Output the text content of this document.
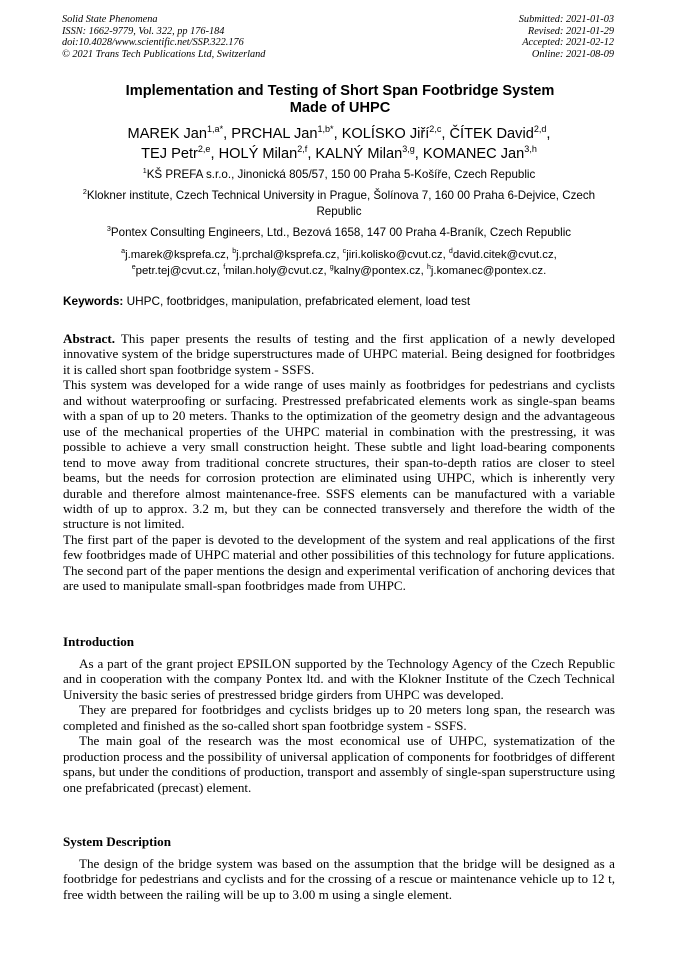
Solid State Phenomena
ISSN: 1662-9779, Vol. 322, pp 176-184
doi:10.4028/www.scientific.net/SSP.322.176
© 2021 Trans Tech Publications Ltd, Switzerland
Submitted: 2021-01-03
Revised: 2021-01-29
Accepted: 2021-02-12
Online: 2021-08-09
Implementation and Testing of Short Span Footbridge System
Made of UHPC
MAREK Jan$^{1,a*}$, PRCHAL Jan$^{1,b*}$, KOLÍSKO Jiří$^{2,c}$, ČÍTEK David$^{2,d}$,
TEJ Petr$^{2,e}$, HOLÝ Milan$^{2,f}$, KALNÝ Milan$^{3,g}$, KOMANEC Jan$^{3,h}$
$^1$KŠ PREFA s.r.o., Jinonická 805/57, 150 00 Praha 5-Košíře, Czech Republic
$^2$Klokner institute, Czech Technical University in Prague, Šolínova 7, 160 00 Praha 6-Dejvice, Czech Republic
$^3$Pontex Consulting Engineers, Ltd., Bezová 1658, 147 00 Praha 4-Braník, Czech Republic
$^a$j.marek@ksprefa.cz, $^b$j.prchal@ksprefa.cz, $^c$jiri.kolisko@cvut.cz, $^d$david.citek@cvut.cz,
$^e$petr.tej@cvut.cz, $^f$milan.holy@cvut.cz, $^g$kalny@pontex.cz, $^h$j.komanec@pontex.cz.
Keywords: UHPC, footbridges, manipulation, prefabricated element, load test

Abstract. This paper presents the results of testing and the first application of a newly developed innovative system of the bridge superstructures made of UHPC material. Being designed for footbridges it is called short span footbridge system - SSFS.

This system was developed for a wide range of uses mainly as footbridges for pedestrians and cyclists and without waterproofing or surfacing. Prestressed prefabricated elements work as single-span beams with a span of up to 20 meters. Thanks to the optimization of the geometry design and the advantageous use of the mechanical properties of the UHPC material in combination with the prestressing, it was possible to achieve a very small construction height. These subtle and light load-bearing components tend to move away from traditional concrete structures, their span-to-depth ratios are closer to steel beams, but the needs for corrosion protection are eliminated using UHPC, which is inherently very durable and therefore almost maintenance-free. SSFS elements can be manufactured with a variable width of up to approx. 3.2 m, but they can be connected transversely and therefore the width of the structure is not limited.

The first part of the paper is devoted to the development of the system and real applications of the first few footbridges made of UHPC material and other possibilities of this technology for future applications.

The second part of the paper mentions the design and experimental verification of anchoring devices that are used to manipulate small-span footbridges made from UHPC.

Introduction

As a part of the grant project EPSILON supported by the Technology Agency of the Czech Republic and in cooperation with the company Pontex ltd. and with the Klokner Institute of the Czech Technical University the basic series of prestressed bridge girders from UHPC was developed.

They are prepared for footbridges and cyclists bridges up to 20 meters long span, the research was completed and finished as the so-called short span footbridge system - SSFS.

The main goal of the research was the most economical use of UHPC, systematization of the production process and the possibility of universal application of components for footbridges of different spans, but under the conditions of production, transport and assembly of single-span superstructure using one prefabricated (precast) element.

System Description

The design of the bridge system was based on the assumption that the bridge will be designed as a footbridge for pedestrians and cyclists and for the crossing of a rescue or maintenance vehicle up to 12 t, free width between the railing will be up to 3.00 m using a single element.
